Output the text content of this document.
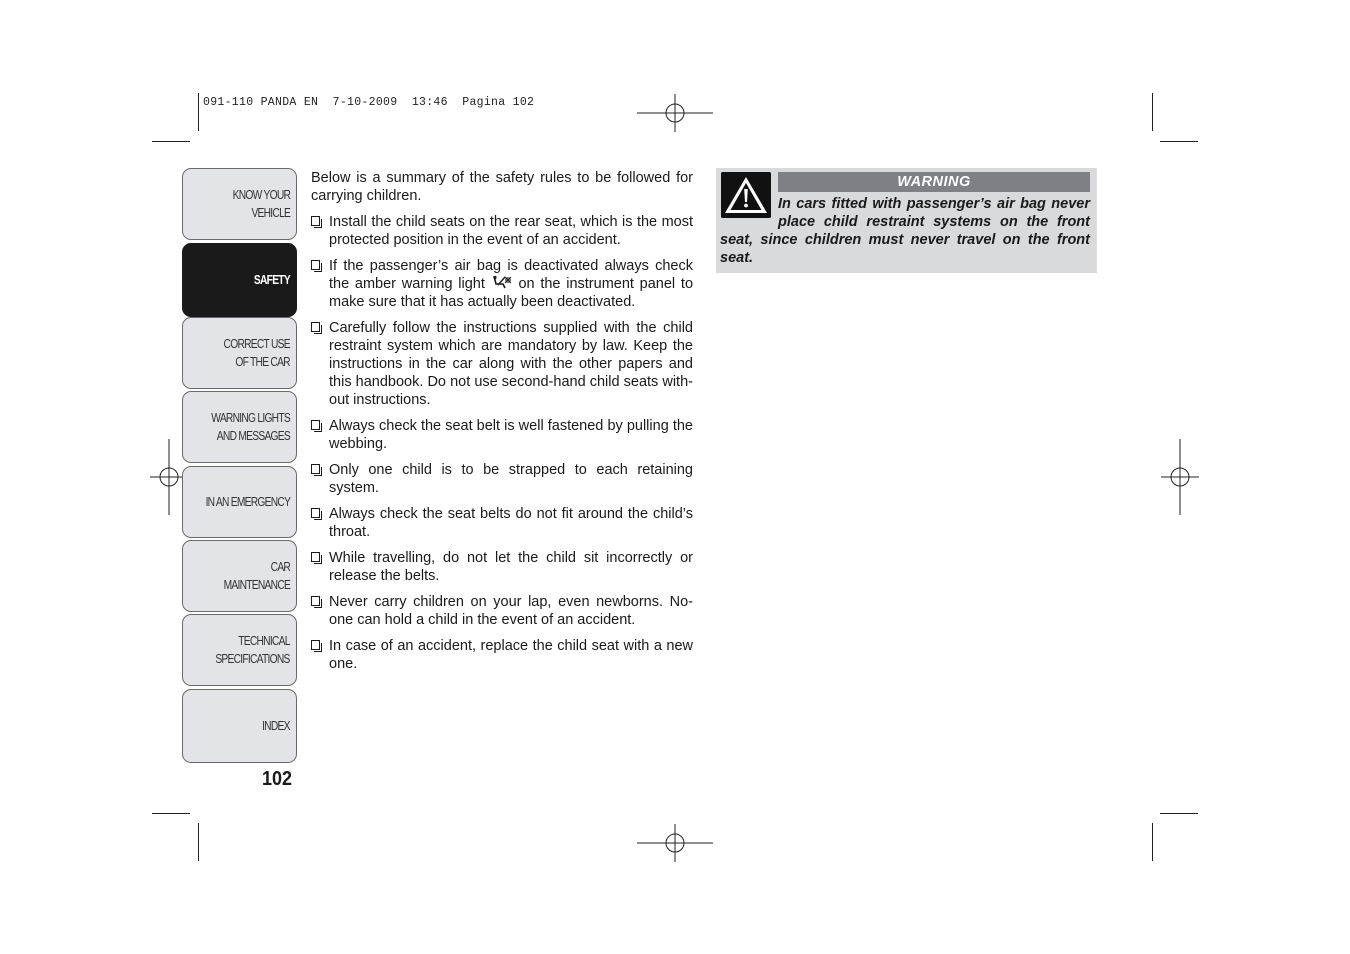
091-110 PANDA EN  7-10-2009  13:46  Pagina 102
KNOW YOUR
VEHICLE
SAFETY
CORRECT USE
OF THE CAR
WARNING LIGHTS
AND MESSAGES
IN AN EMERGENCY
CAR
MAINTENANCE
TECHNICAL
SPECIFICATIONS
INDEX
102

Below is a summary of the safety rules to be followed for carrying children.

Install the child seats on the rear seat, which is the most protected position in the event of an accident.

If the passenger’s air bag is deactivated always check the amber warning light on the instrument panel to make sure that it has actually been deactivated.

Carefully follow the instructions supplied with the child restraint system which are mandatory by law. Keep the instructions in the car along with the other papers and this handbook. Do not use second-hand child seats without instructions.

Always check the seat belt is well fastened by pulling the webbing.

Only one child is to be strapped to each retaining system.

Always check the seat belts do not fit around the child’s throat.

While travelling, do not let the child sit incorrectly or release the belts.

Never carry children on your lap, even newborns. No-one can hold a child in the event of an accident.

In case of an accident, replace the child seat with a new one.

WARNING
In cars fitted with passenger’s air bag never place child restraint systems on the front seat, since children must never travel on the front seat.
